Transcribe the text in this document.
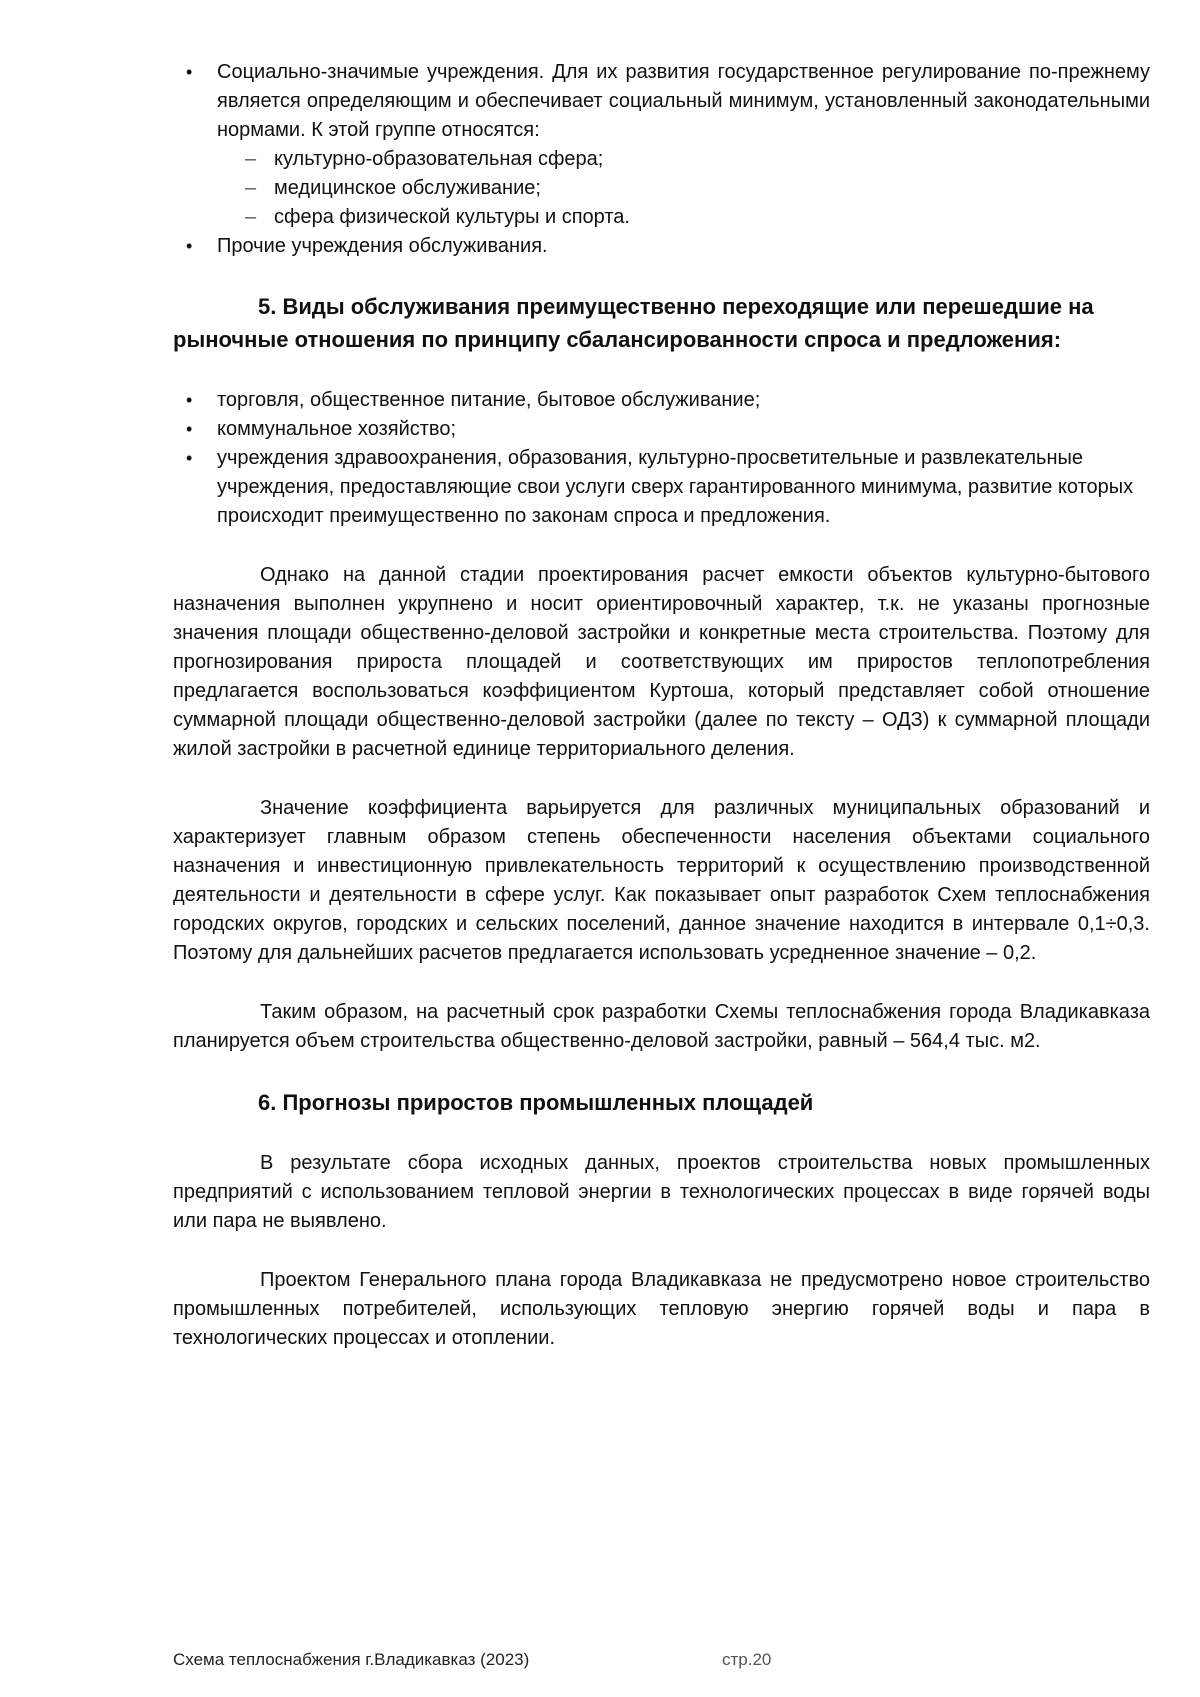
• Социально-значимые учреждения. Для их развития государственное регулирование по-прежнему является определяющим и обеспечивает социальный минимум, установленный законодательными нормами. К этой группе относятся:
– культурно-образовательная сфера;
– медицинское обслуживание;
– сфера физической культуры и спорта.
• Прочие учреждения обслуживания.
5. Виды обслуживания преимущественно переходящие или перешедшие на рыночные отношения по принципу сбалансированности спроса и предложения:
• торговля, общественное питание, бытовое обслуживание;
• коммунальное хозяйство;
• учреждения здравоохранения, образования, культурно-просветительные и развлекательные учреждения, предоставляющие свои услуги сверх гарантированного минимума, развитие которых происходит преимущественно по законам спроса и предложения.

Однако на данной стадии проектирования расчет емкости объектов культурно-бытового назначения выполнен укрупнено и носит ориентировочный характер, т.к. не указаны прогнозные значения площади общественно-деловой застройки и конкретные места строительства. Поэтому для прогнозирования прироста площадей и соответствующих им приростов теплопотребления предлагается воспользоваться коэффициентом Куртоша, который представляет собой отношение суммарной площади общественно-деловой застройки (далее по тексту – ОДЗ) к суммарной площади жилой застройки в расчетной единице территориального деления.

Значение коэффициента варьируется для различных муниципальных образований и характеризует главным образом степень обеспеченности населения объектами социального назначения и инвестиционную привлекательность территорий к осуществлению производственной деятельности и деятельности в сфере услуг. Как показывает опыт разработок Схем теплоснабжения городских округов, городских и сельских поселений, данное значение находится в интервале 0,1÷0,3. Поэтому для дальнейших расчетов предлагается использовать усредненное значение – 0,2.

Таким образом, на расчетный срок разработки Схемы теплоснабжения города Владикавказа планируется объем строительства общественно-деловой застройки, равный – 564,4 тыс. м2.

6. Прогнозы приростов промышленных площадей

В результате сбора исходных данных, проектов строительства новых промышленных предприятий с использованием тепловой энергии в технологических процессах в виде горячей воды или пара не выявлено.

Проектом Генерального плана города Владикавказа не предусмотрено новое строительство промышленных потребителей, использующих тепловую энергию горячей воды и пара в технологических процессах и отоплении.

Схема теплоснабжения г.Владикавказ (2023)	стр.20
